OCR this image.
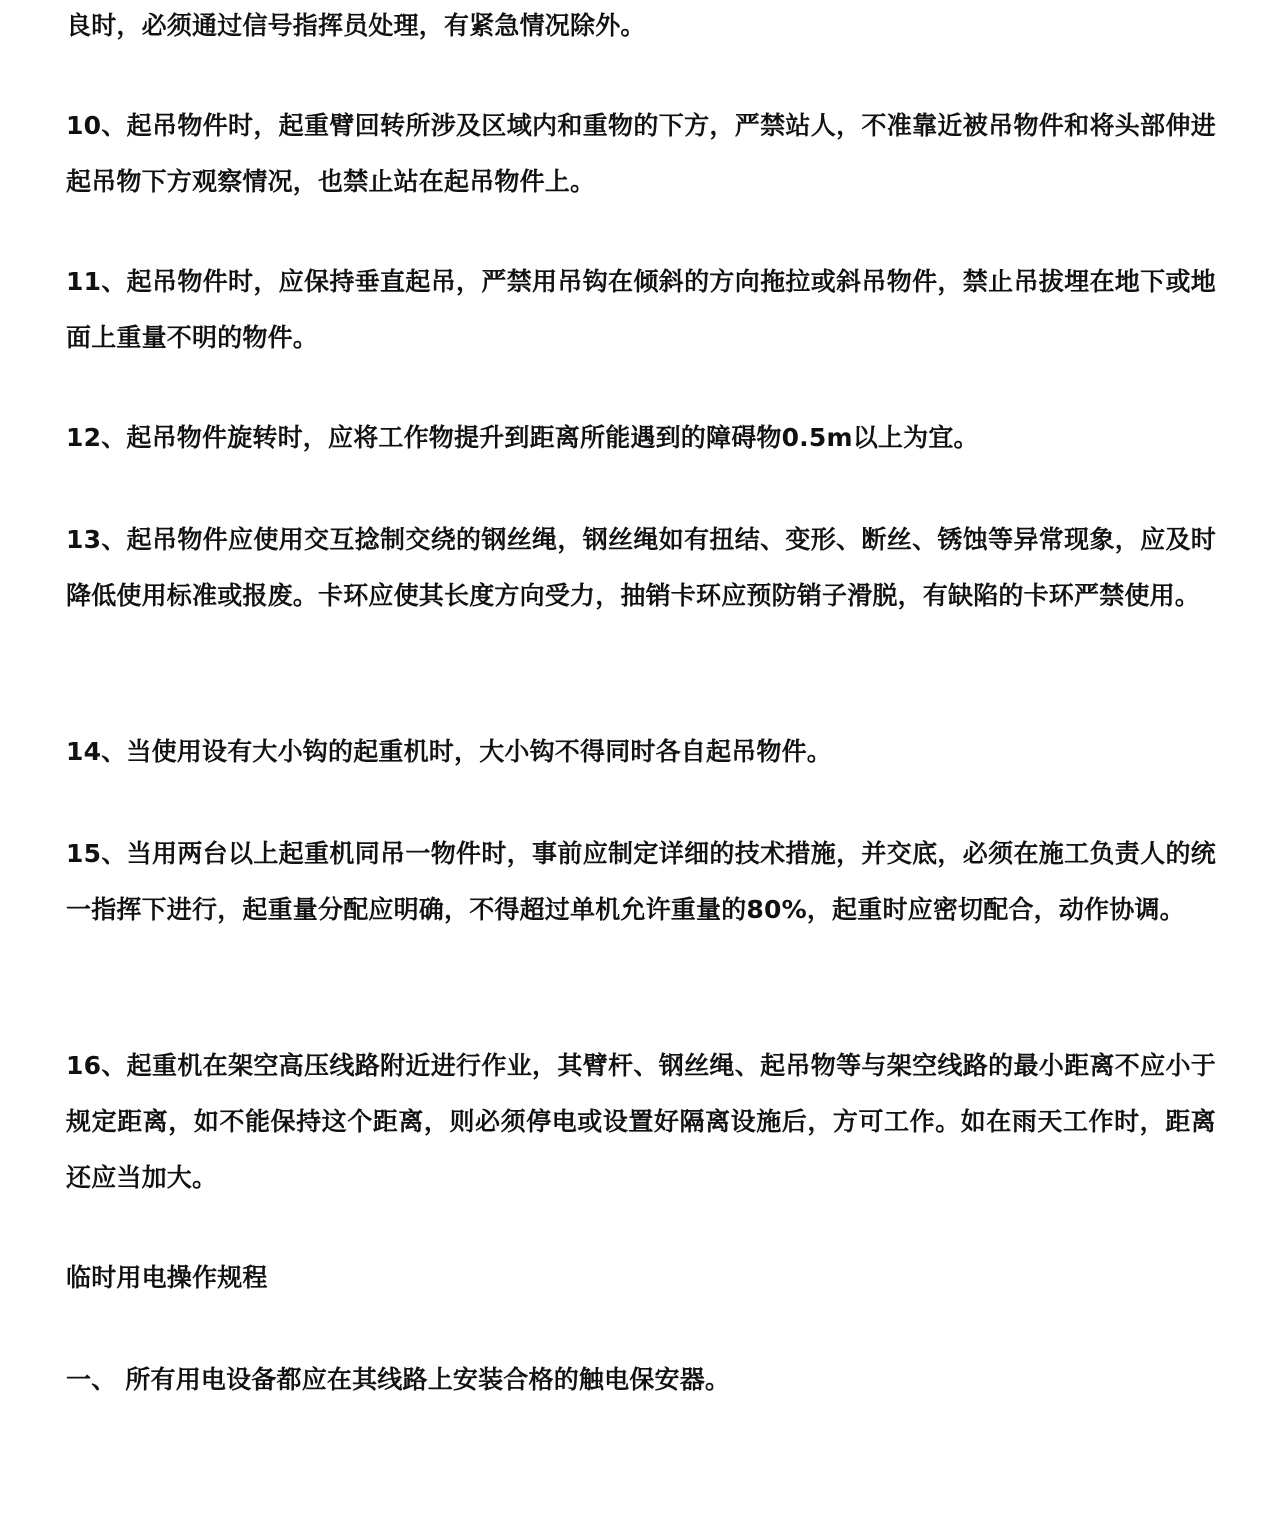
良时，必须通过信号指挥员处理，有紧急情况除外。

10、起吊物件时，起重臂回转所涉及区域内和重物的下方，严禁站人，不准靠近被吊物件和将头部伸进起吊物下方观察情况，也禁止站在起吊物件上。

11、起吊物件时，应保持垂直起吊，严禁用吊钩在倾斜的方向拖拉或斜吊物件，禁止吊拔埋在地下或地面上重量不明的物件。

12、起吊物件旋转时，应将工作物提升到距离所能遇到的障碍物0.5m以上为宜。

13、起吊物件应使用交互捻制交绕的钢丝绳，钢丝绳如有扭结、变形、断丝、锈蚀等异常现象，应及时降低使用标准或报废。卡环应使其长度方向受力，抽销卡环应预防销子滑脱，有缺陷的卡环严禁使用。

14、当使用设有大小钩的起重机时，大小钩不得同时各自起吊物件。

15、当用两台以上起重机同吊一物件时，事前应制定详细的技术措施，并交底，必须在施工负责人的统一指挥下进行，起重量分配应明确，不得超过单机允许重量的80%，起重时应密切配合，动作协调。

16、起重机在架空高压线路附近进行作业，其臂杆、钢丝绳、起吊物等与架空线路的最小距离不应小于规定距离，如不能保持这个距离，则必须停电或设置好隔离设施后，方可工作。如在雨天工作时，距离还应当加大。

临时用电操作规程

一、 所有用电设备都应在其线路上安装合格的触电保安器。
